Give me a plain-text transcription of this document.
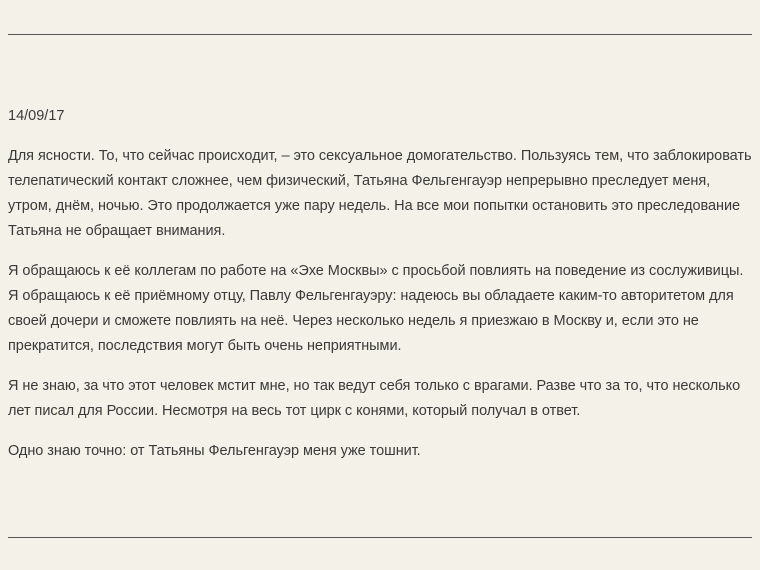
14/09/17

Для ясности. То, что сейчас происходит, – это сексуальное домогательство. Пользуясь тем, что заблокировать телепатический контакт сложнее, чем физический, Татьяна Фельгенгауэр непрерывно преследует меня, утром, днём, ночью. Это продолжается уже пару недель. На все мои попытки остановить это преследование Татьяна не обращает внимания.

Я обращаюсь к её коллегам по работе на «Эхе Москвы» с просьбой повлиять на поведение из сослуживицы. Я обращаюсь к её приёмному отцу, Павлу Фельгенгауэру: надеюсь вы обладаете каким-то авторитетом для своей дочери и сможете повлиять на неё. Через несколько недель я приезжаю в Москву и, если это не прекратится, последствия могут быть очень неприятными.

Я не знаю, за что этот человек мстит мне, но так ведут себя только с врагами. Разве что за то, что несколько лет писал для России. Несмотря на весь тот цирк с конями, который получал в ответ.

Одно знаю точно: от Татьяны Фельгенгауэр меня уже тошнит.
